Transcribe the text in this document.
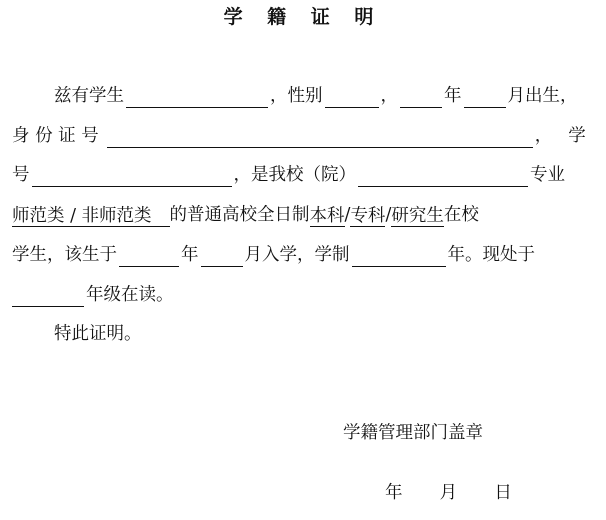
学 籍 证 明
兹有学生	，性别	，	年	月出生，
身 份 证 号	， 学
号	，是我校（院）	专业
师范类 / 非师范类	的普通高校全日制 本科 / 专科 / 研究生 在校
学生，该生于	年	月入学，学制	年。现处于
年级在读。
特此证明。
学籍管理部门盖章
年 月 日
